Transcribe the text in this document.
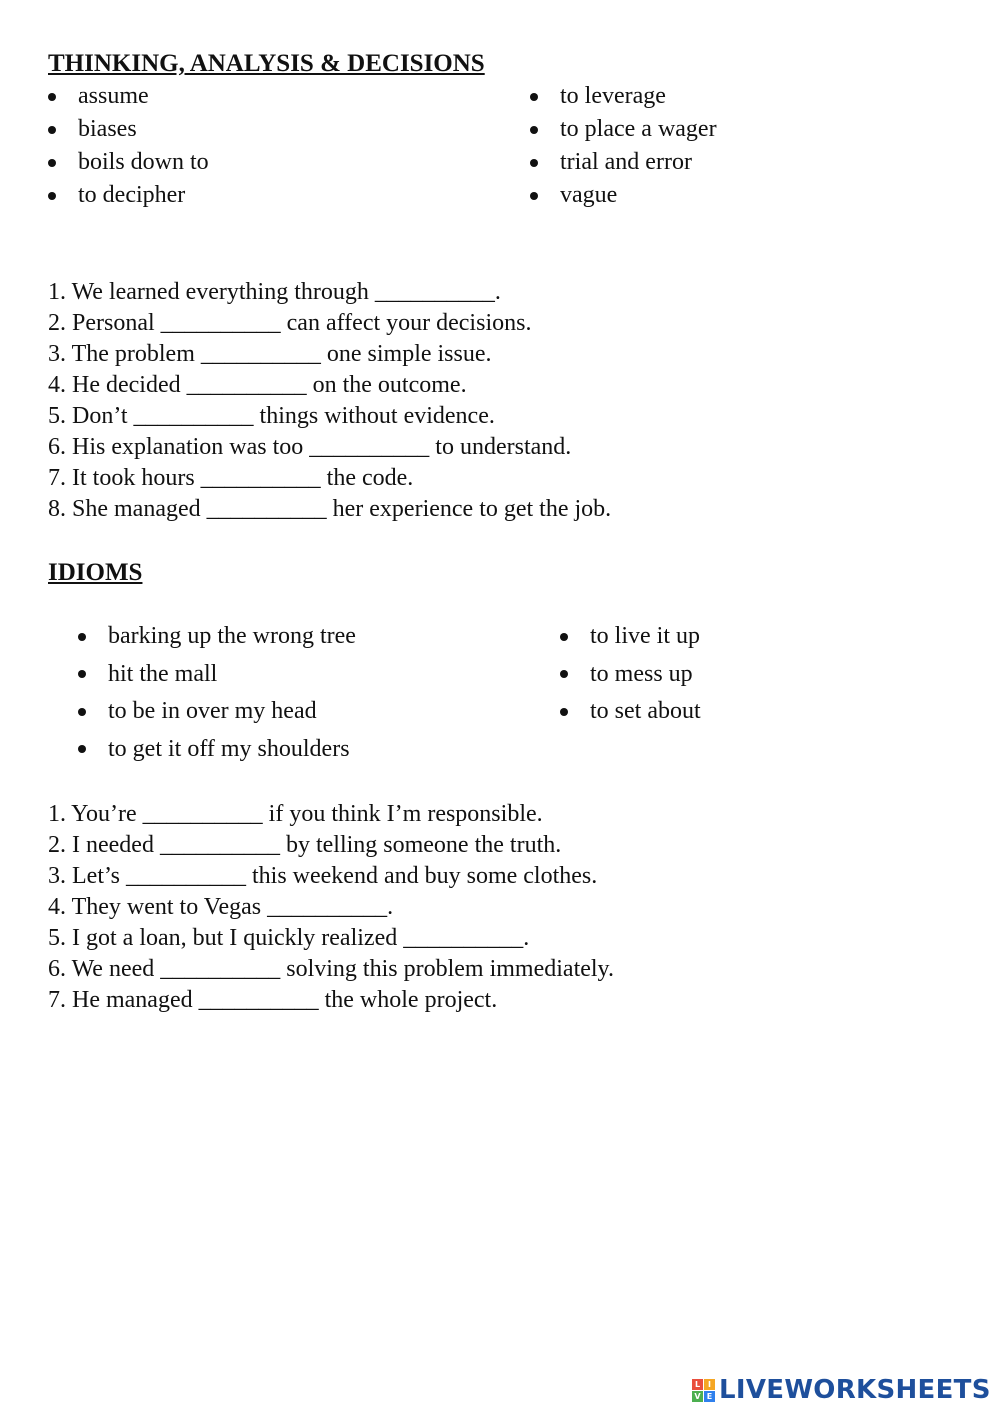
THINKING, ANALYSIS & DECISIONS
assume
biases
boils down to
to decipher
to leverage
to place a wager
trial and error
vague
1. We learned everything through __________.
2. Personal __________ can affect your decisions.
3. The problem __________ one simple issue.
4. He decided __________ on the outcome.
5. Don’t __________ things without evidence.
6. His explanation was too __________ to understand.
7. It took hours __________ the code.
8. She managed __________ her experience to get the job.
IDIOMS
barking up the wrong tree
hit the mall
to be in over my head
to get it off my shoulders
to live it up
to mess up
to set about
1. You’re __________ if you think I’m responsible.
2. I needed __________ by telling someone the truth.
3. Let’s __________ this weekend and buy some clothes.
4. They went to Vegas __________.
5. I got a loan, but I quickly realized __________.
6. We need __________ solving this problem immediately.
7. He managed __________ the whole project.
L I
V E LIVEWORKSHEETS
